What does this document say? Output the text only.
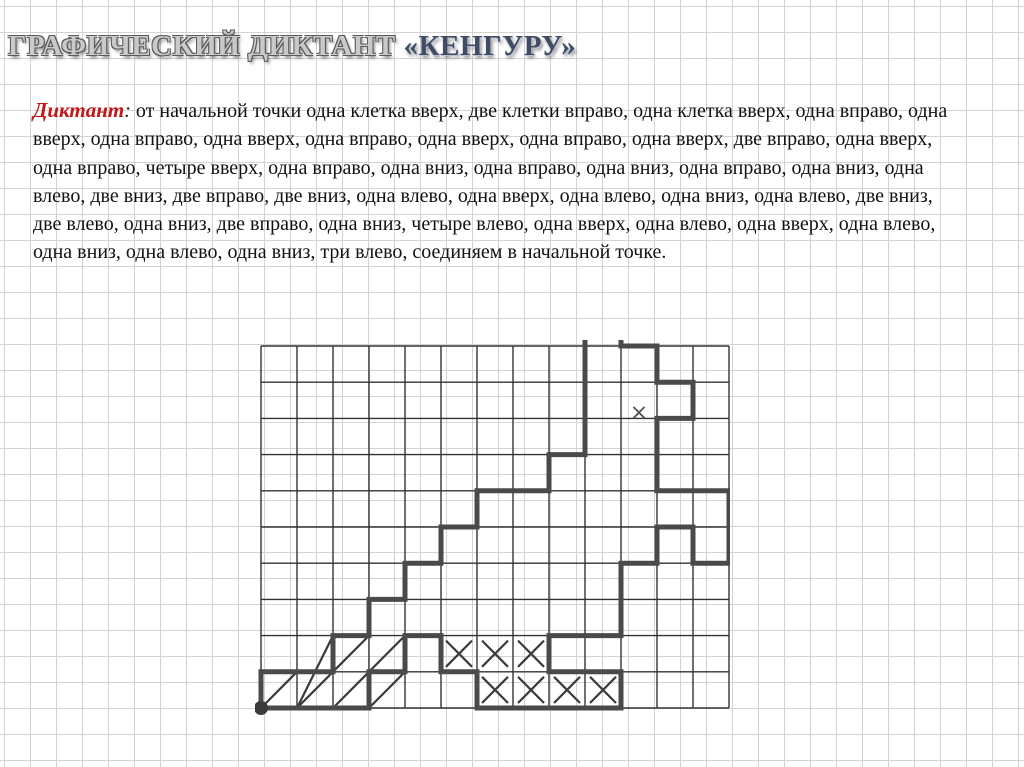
ГРАФИЧЕСКИЙ ДИКТАНТ «КЕНГУРУ»

Диктант: от начальной точки одна клетка вверх, две клетки вправо, одна клетка вверх, одна вправо, одна вверх, одна вправо, одна вверх, одна вправо, одна вверх, одна вправо, одна вверх, две вправо, одна вверх, одна вправо, четыре вверх, одна вправо, одна вниз, одна вправо, одна вниз, одна вправо, одна вниз, одна влево, две вниз, две вправо, две вниз, одна влево, одна вверх, одна влево, одна вниз, одна влево, две вниз, две влево, одна вниз, две вправо, одна вниз, четыре влево, одна вверх, одна влево, одна вверх, одна влево, одна вниз, одна влево, одна вниз, три влево, соединяем в начальной точке.

×
